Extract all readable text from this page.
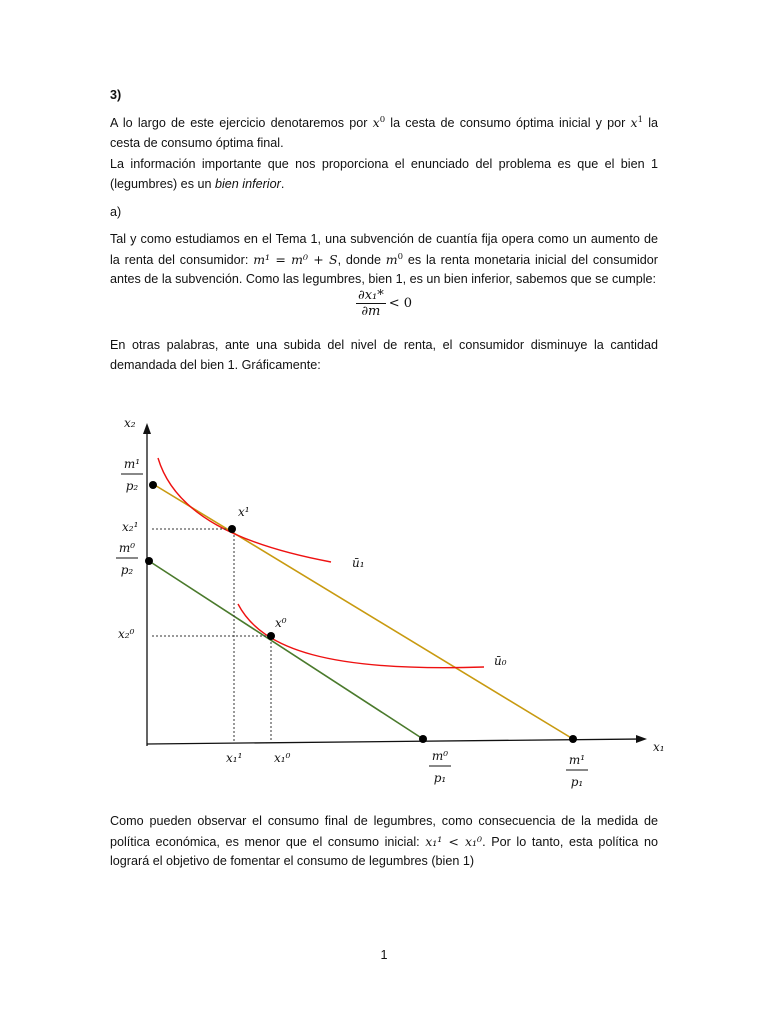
3)

A lo largo de este ejercicio denotaremos por $x^0$ la cesta de consumo óptima inicial y por $x^1$ la cesta de consumo óptima final.

La información importante que nos proporciona el enunciado del problema es que el bien 1 (legumbres) es un bien inferior.

a)

Tal y como estudiamos en el Tema 1, una subvención de cuantía fija opera como un aumento de la renta del consumidor: m¹ = m⁰ + S, donde $m^0$ es la renta monetaria inicial del consumidor antes de la subvención. Como las legumbres, bien 1, es un bien inferior, sabemos que se cumple:

$\frac{\text{∂x₁*}}{\partial m} < 0$

En otras palabras, ante una subida del nivel de renta, el consumidor disminuye la cantidad demandada del bien 1. Gráficamente:

x₂
x₁
m¹
p₂
m⁰
p₂
x₂¹
x₂⁰
x₁¹	x₁⁰	m⁰
p₁
m¹
p₁
x¹
x⁰
ū₁
ū₀

Como pueden observar el consumo final de legumbres, como consecuencia de la medida de política económica, es menor que el consumo inicial: x₁¹ < x₁⁰. Por lo tanto, esta política no logrará el objetivo de fomentar el consumo de legumbres (bien 1)

1
